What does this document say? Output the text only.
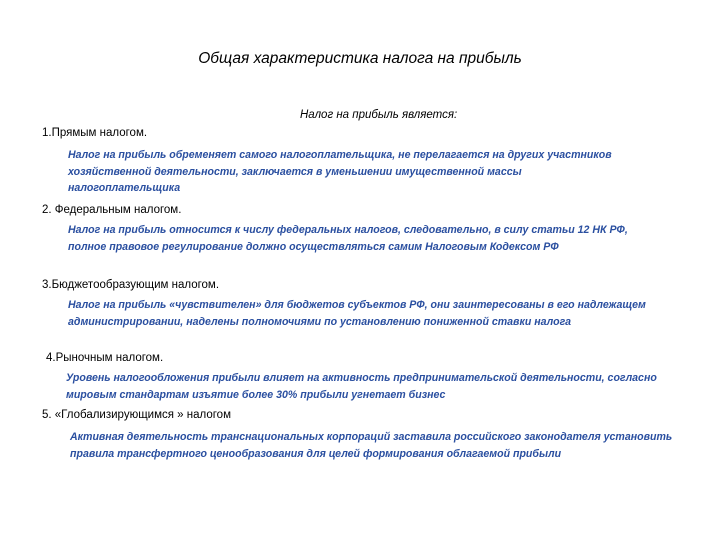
Общая характеристика налога на прибыль
Налог на прибыль является:
1.Прямым налогом.
Налог на прибыль обременяет самого налогоплательщика, не перелагается на других участников хозяйственной деятельности, заключается в уменьшении имущественной массы налогоплательщика
2. Федеральным налогом.
Налог на прибыль относится к числу федеральных налогов, следовательно, в силу статьи 12 НК РФ, полное правовое регулирование должно осуществляться самим Налоговым Кодексом РФ
3.Бюджетообразующим налогом.
Налог на прибыль «чувствителен» для бюджетов субъектов РФ, они заинтересованы в его надлежащем администрировании, наделены полномочиями по установлению пониженной ставки налога
4.Рыночным налогом.
Уровень налогообложения прибыли влияет на активность предпринимательской деятельности, согласно мировым стандартам изъятие более 30% прибыли угнетает бизнес
5. «Глобализирующимся » налогом
Активная деятельность транснациональных корпораций заставила российского законодателя установить правила трансфертного ценообразования для целей формирования облагаемой прибыли
